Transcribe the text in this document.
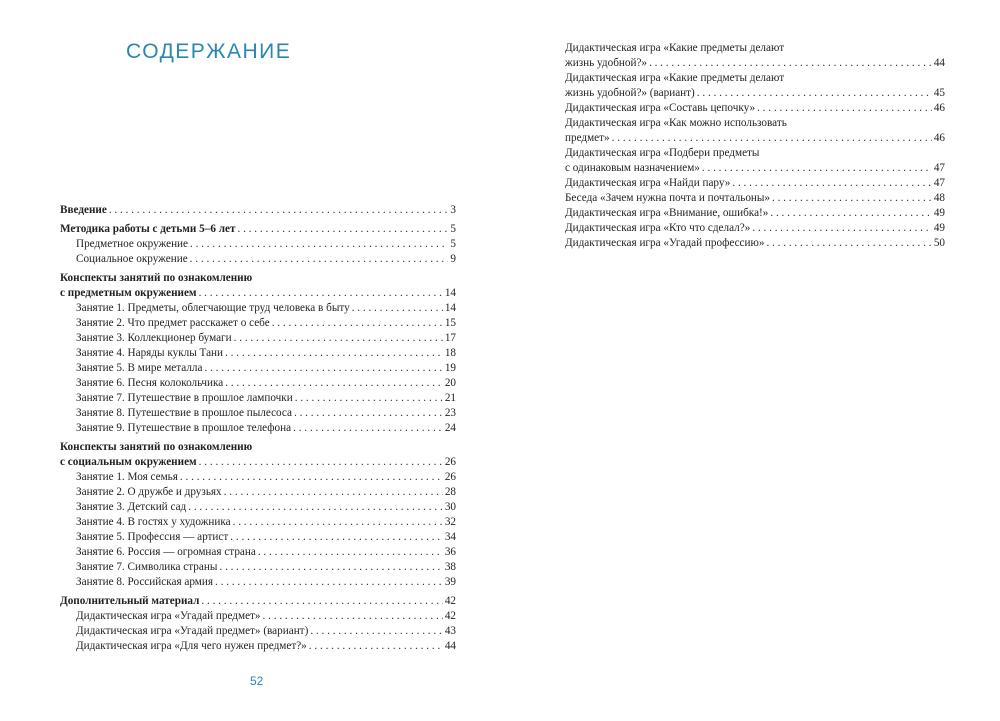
СОДЕРЖАНИЕ
Введение . . .	3
Методика работы с детьми 5–6 лет . . .	5
Предметное окружение . . .	5
Социальное окружение . . .	9
Конспекты занятий по ознакомлению
с предметным окружением . . .	14
Занятие 1. Предметы, облегчающие труд человека в быту . . .	14
Занятие 2. Что предмет расскажет о себе . . .	15
Занятие 3. Коллекционер бумаги . . .	17
Занятие 4. Наряды куклы Тани . . .	18
Занятие 5. В мире металла . . .	19
Занятие 6. Песня колокольчика . . .	20
Занятие 7. Путешествие в прошлое лампочки . . .	21
Занятие 8. Путешествие в прошлое пылесоса . . .	23
Занятие 9. Путешествие в прошлое телефона . . .	24
Конспекты занятий по ознакомлению
с социальным окружением . . .	26
Занятие 1. Моя семья . . .	26
Занятие 2. О дружбе и друзьях . . .	28
Занятие 3. Детский сад . . .	30
Занятие 4. В гостях у художника . . .	32
Занятие 5. Профессия — артист . . .	34
Занятие 6. Россия — огромная страна . . .	36
Занятие 7. Символика страны . . .	38
Занятие 8. Российская армия . . .	39
Дополнительный материал . . .	42
Дидактическая игра «Угадай предмет» . . .	42
Дидактическая игра «Угадай предмет» (вариант) . . .	43
Дидактическая игра «Для чего нужен предмет?» . . .	44
52
Дидактическая игра «Какие предметы делают
жизнь удобной?» . . .	44
Дидактическая игра «Какие предметы делают
жизнь удобной?» (вариант) . . .	45
Дидактическая игра «Составь цепочку» . . .	46
Дидактическая игра «Как можно использовать
предмет» . . .	46
Дидактическая игра «Подбери предметы
с одинаковым назначением» . . .	47
Дидактическая игра «Найди пару» . . .	47
Беседа «Зачем нужна почта и почтальоны» . . .	48
Дидактическая игра «Внимание, ошибка!» . . .	49
Дидактическая игра «Кто что сделал?» . . .	49
Дидактическая игра «Угадай профессию» . . .	50
